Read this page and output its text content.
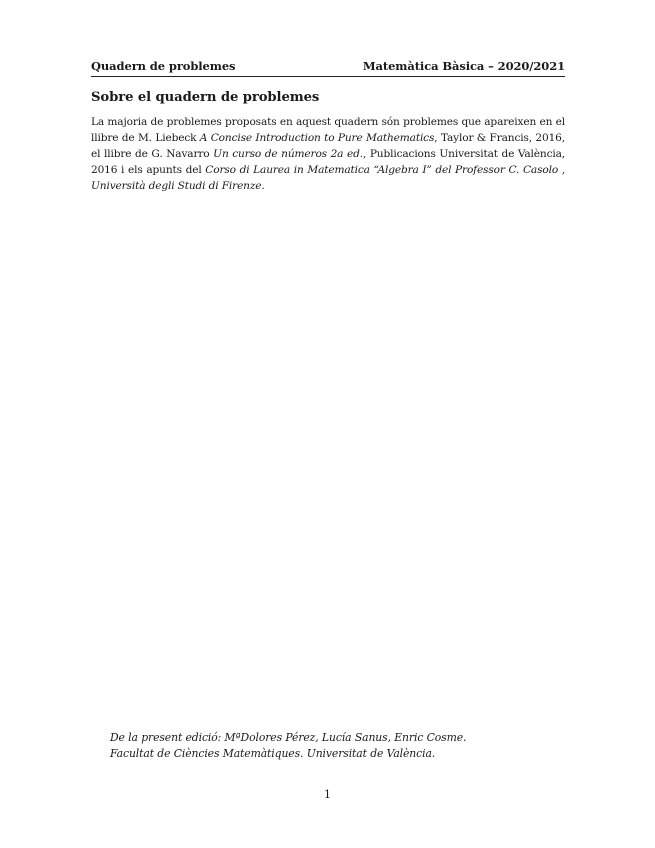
Quadern de problemes	Matemàtica Bàsica – 2020/2021
Sobre el quadern de problemes

La majoria de problemes proposats en aquest quadern són problemes que apareixen en el llibre de M. Liebeck A Concise Introduction to Pure Mathematics, Taylor & Francis, 2016, el llibre de G. Navarro Un curso de números 2a ed., Publicacions Universitat de València, 2016 i els apunts del Corso di Laurea in Matematica “Algebra I” del Professor C. Casolo , Università degli Studi di Firenze.

De la present edició: MªDolores Pérez, Lucía Sanus, Enric Cosme.
Facultat de Ciències Matemàtiques. Universitat de València.
1
